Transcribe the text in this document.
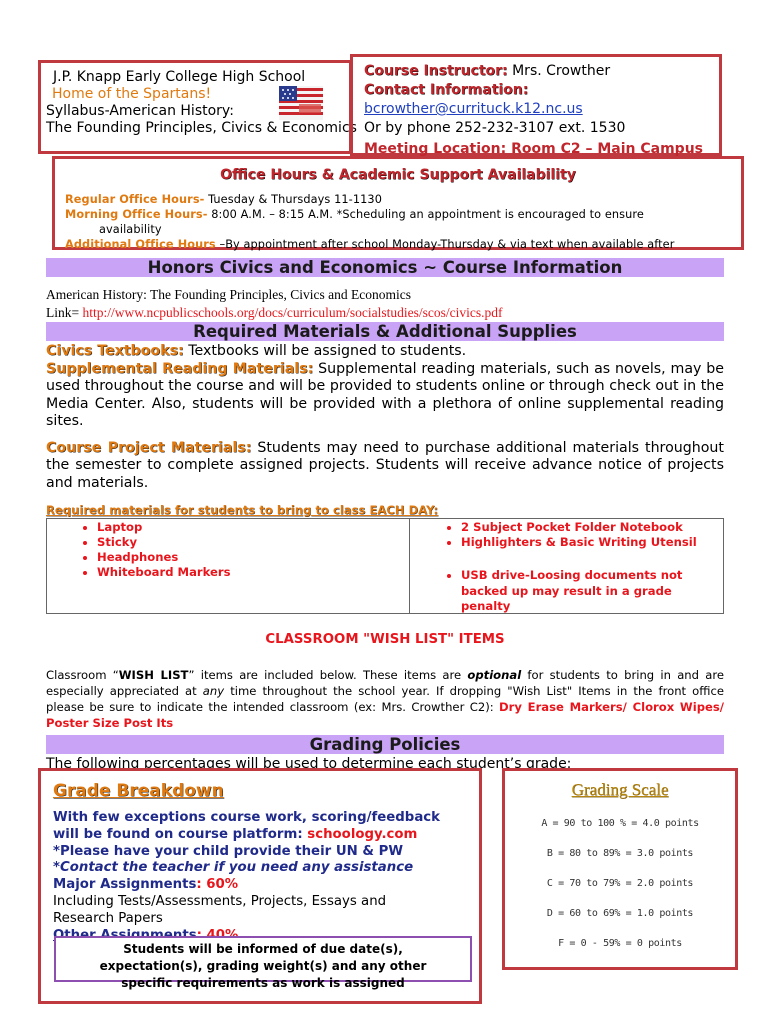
J.P. Knapp Early College High School
Home of the Spartans!
Syllabus-American History:
The Founding Principles, Civics & Economics
Course Instructor: Mrs. Crowther
Contact Information:
bcrowther@currituck.k12.nc.us
Or by phone 252-232-3107 ext. 1530
Meeting Location: Room C2 – Main Campus
Office Hours & Academic Support Availability
Regular Office Hours- Tuesday & Thursdays 11-1130
Morning Office Hours- 8:00 A.M. – 8:15 A.M. *Scheduling an appointment is encouraged to ensure
availability
Additional Office Hours –By appointment after school Monday-Thursday & via text when available after
Honors Civics and Economics ~ Course Information
American History: The Founding Principles, Civics and Economics
Link= http://www.ncpublicschools.org/docs/curriculum/socialstudies/scos/civics.pdf
Required Materials & Additional Supplies
Civics Textbooks: Textbooks will be assigned to students.
Supplemental Reading Materials: Supplemental reading materials, such as novels, may be used throughout the course and will be provided to students online or through check out in the Media Center. Also, students will be provided with a plethora of online supplemental reading sites.
Course Project Materials: Students may need to purchase additional materials throughout the semester to complete assigned projects. Students will receive advance notice of projects and materials.
Required materials for students to bring to class EACH DAY:
• Laptop
• Sticky
• Headphones
• Whiteboard Markers
• 2 Subject Pocket Folder Notebook
• Highlighters & Basic Writing Utensil
• USB drive-Loosing documents not backed up may result in a grade penalty
CLASSROOM "WISH LIST" ITEMS
Classroom “WISH LIST” items are included below. These items are optional for students to bring in and are especially appreciated at any time throughout the school year. If dropping "Wish List" Items in the front office please be sure to indicate the intended classroom (ex: Mrs. Crowther C2): Dry Erase Markers/ Clorox Wipes/ Poster Size Post Its
Grading Policies
The following percentages will be used to determine each student’s grade:
Grade Breakdown
With few exceptions course work, scoring/feedback
will be found on course platform: schoology.com
*Please have your child provide their UN & PW
*Contact the teacher if you need any assistance
Major Assignments: 60%
Including Tests/Assessments, Projects, Essays and
Research Papers
Students will be informed of due date(s),
expectation(s), grading weight(s) and any other
specific requirements as work is assigned
Grading Scale
A = 90 to 100 % = 4.0 points
B = 80 to 89% = 3.0 points
C = 70 to 79% = 2.0 points
D = 60 to 69% = 1.0 points
F = 0 - 59% = 0 points
